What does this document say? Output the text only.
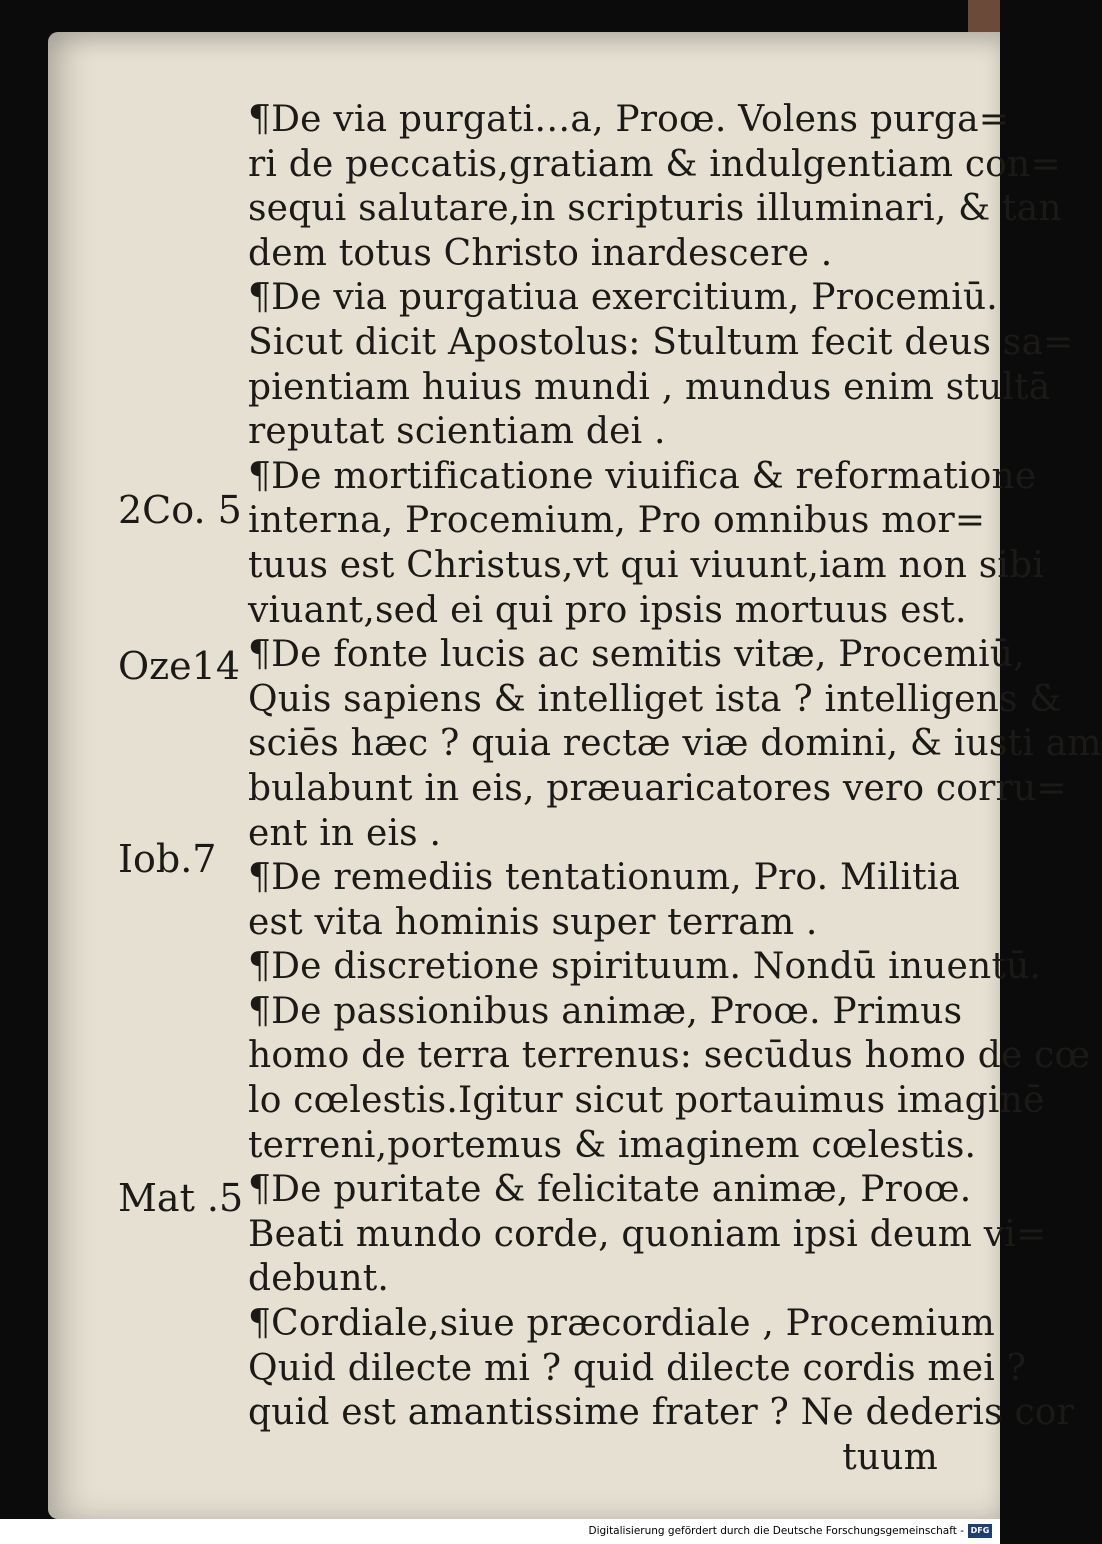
¶De via purgati…a, Proœ. Volens purga=
ri de peccatis,gratiam & indulgentiam con=
sequi salutare,in scripturis illuminari, & tan
dem totus Christo inardescere .
¶De via purgatiua exercitium, Procemiū.
Sicut dicit Apostolus: Stultum fecit deus sa=
pientiam huius mundi , mundus enim stultā
reputat scientiam dei .
¶De mortificatione viuifica & reformatione
interna, Procemium, Pro omnibus mor=
tuus est Christus,vt qui viuunt,iam non sibi
viuant,sed ei qui pro ipsis mortuus est.
¶De fonte lucis ac semitis vitæ, Procemiū,
Quis sapiens & intelliget ista ? intelligens &
sciēs hæc ? quia rectæ viæ domini, & iusti am
bulabunt in eis, præuaricatores vero corru=
ent in eis .
¶De remediis tentationum, Pro. Militia
est vita hominis super terram .
¶De discretione spirituum. Nondū inuentū.
¶De passionibus animæ, Proœ. Primus
homo de terra terrenus: secūdus homo de cœ
lo cœlestis.Igitur sicut portauimus imaginē
terreni,portemus & imaginem cœlestis.
¶De puritate & felicitate animæ, Proœ.
Beati mundo corde, quoniam ipsi deum vi=
debunt.
¶Cordiale,siue præcordiale , Procemium
Quid dilecte mi ? quid dilecte cordis mei ?
quid est amantissime frater ? Ne dederis cor
tuum
2Co. 5
Oze14
Iob.7
Mat .5
Digitalisierung gefördert durch die Deutsche Forschungsgemeinschaft - DFG
